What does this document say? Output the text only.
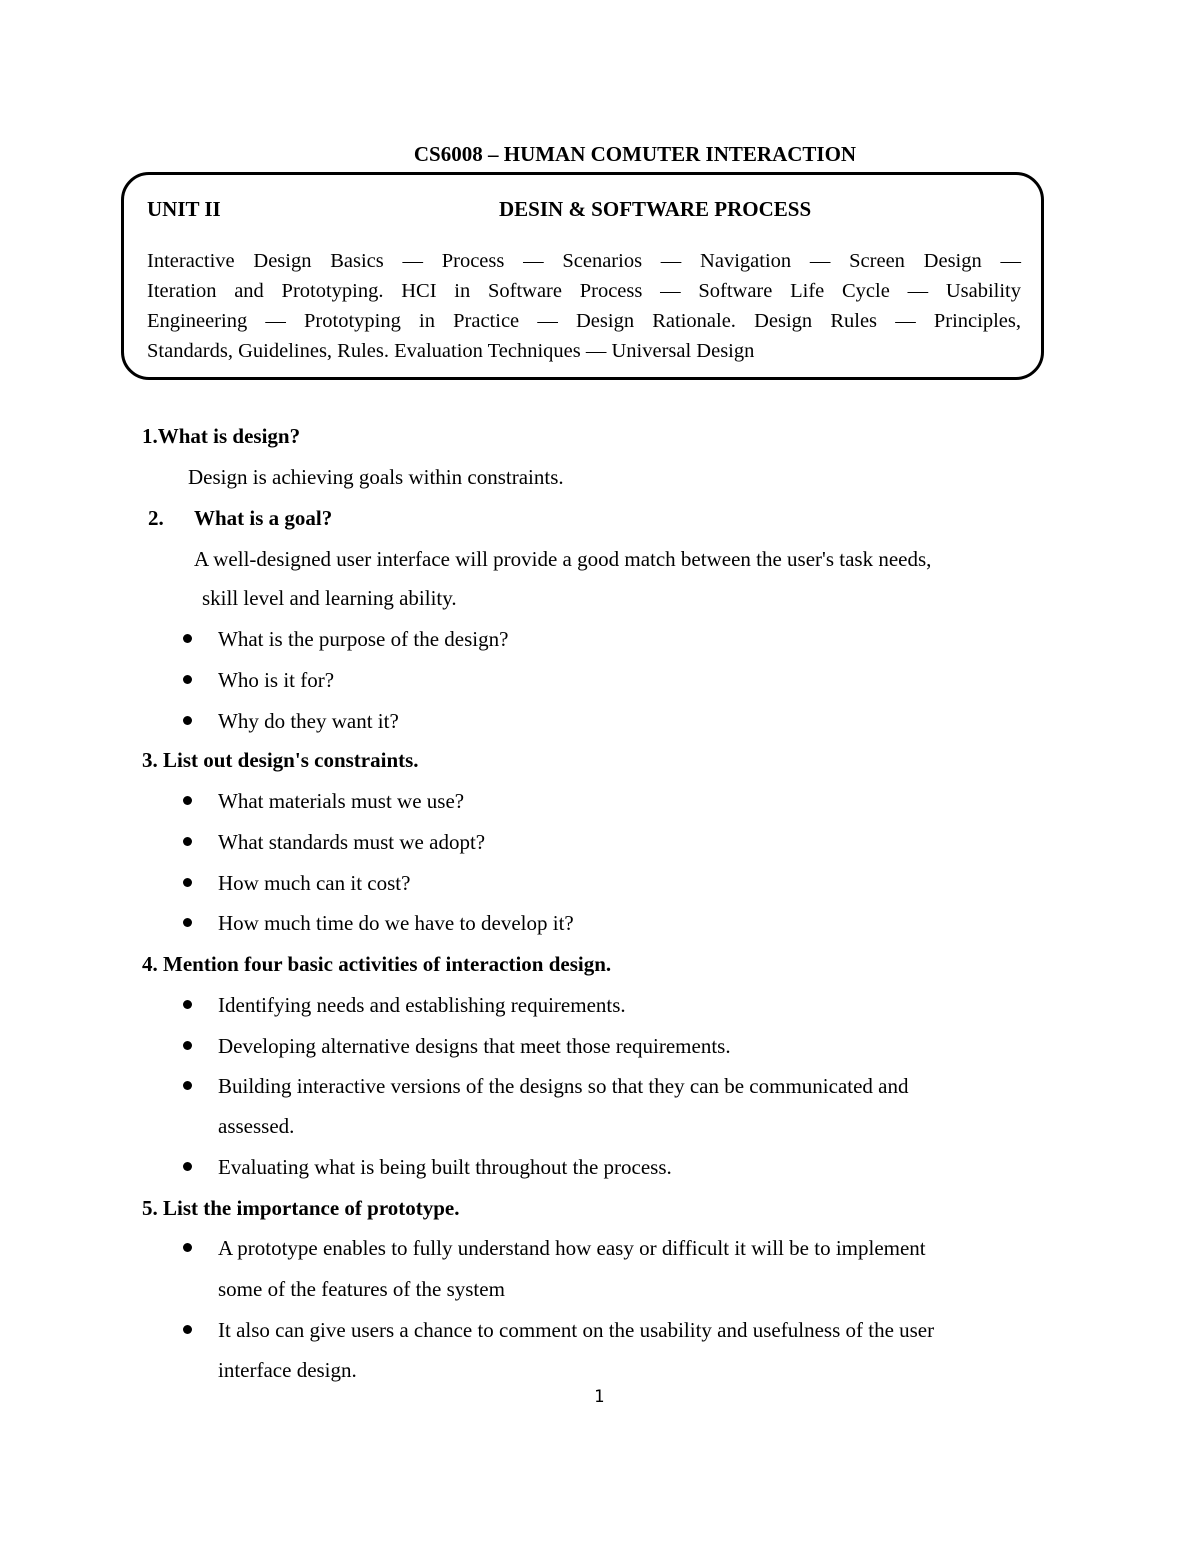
CS6008 – HUMAN COMUTER INTERACTION
UNIT II	DESIN & SOFTWARE PROCESS
Interactive Design Basics — Process — Scenarios — Navigation — Screen Design —
Iteration and Prototyping. HCI in Software Process — Software Life Cycle — Usability
Engineering — Prototyping in Practice — Design Rationale. Design Rules — Principles,
Standards, Guidelines, Rules. Evaluation Techniques — Universal Design
1.What is design?
Design is achieving goals within constraints.
2. What is a goal?
A well-designed user interface will provide a good match between the user's task needs,
skill level and learning ability.
What is the purpose of the design?
Who is it for?
Why do they want it?
3. List out design's constraints.
What materials must we use?
What standards must we adopt?
How much can it cost?
How much time do we have to develop it?
4. Mention four basic activities of interaction design.
Identifying needs and establishing requirements.
Developing alternative designs that meet those requirements.
Building interactive versions of the designs so that they can be communicated and
assessed.
Evaluating what is being built throughout the process.
5. List the importance of prototype.
A prototype enables to fully understand how easy or difficult it will be to implement
some of the features of the system
It also can give users a chance to comment on the usability and usefulness of the user
interface design.
1
